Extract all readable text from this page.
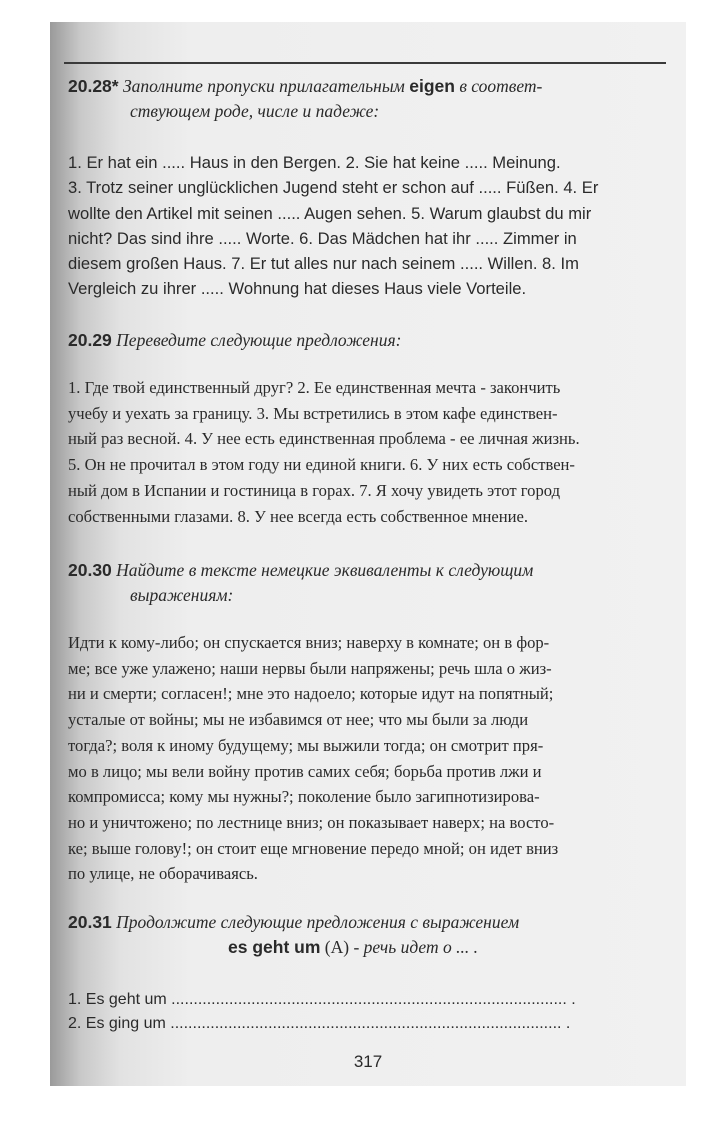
20.28* Заполните пропуски прилагательным eigen в соответ-
ствующем роде, числе и падеже:
1. Er hat ein ..... Haus in den Bergen. 2. Sie hat keine ..... Meinung.
3. Trotz seiner unglücklichen Jugend steht er schon auf ..... Füßen. 4. Er
wollte den Artikel mit seinen ..... Augen sehen. 5. Warum glaubst du mir
nicht? Das sind ihre ..... Worte. 6. Das Mädchen hat ihr ..... Zimmer in
diesem großen Haus. 7. Er tut alles nur nach seinem ..... Willen. 8. Im
Vergleich zu ihrer ..... Wohnung hat dieses Haus viele Vorteile.
20.29 Переведите следующие предложения:
1. Где твой единственный друг? 2. Ее единственная мечта - закончить
учебу и уехать за границу. 3. Мы встретились в этом кафе единствен-
ный раз весной. 4. У нее есть единственная проблема - ее личная жизнь.
5. Он не прочитал в этом году ни единой книги. 6. У них есть собствен-
ный дом в Испании и гостиница в горах. 7. Я хочу увидеть этот город
собственными глазами. 8. У нее всегда есть собственное мнение.
20.30 Найдите в тексте немецкие эквиваленты к следующим
выражениям:
Идти к кому-либо; он спускается вниз; наверху в комнате; он в фор-
ме; все уже улажено; наши нервы были напряжены; речь шла о жиз-
ни и смерти; согласен!; мне это надоело; которые идут на попятный;
усталые от войны; мы не избавимся от нее; что мы были за люди
тогда?; воля к иному будущему; мы выжили тогда; он смотрит пря-
мо в лицо; мы вели войну против самих себя; борьба против лжи и
компромисса; кому мы нужны?; поколение было загипнотизирова-
но и уничтожено; по лестнице вниз; он показывает наверх; на восто-
ке; выше голову!; он стоит еще мгновение передо мной; он идет вниз
по улице, не оборачиваясь.
20.31 Продолжите следующие предложения с выражением
es geht um (A) - речь идет о ... .
1. Es geht um ......................................................................................... .
2. Es ging um ........................................................................................ .
317
